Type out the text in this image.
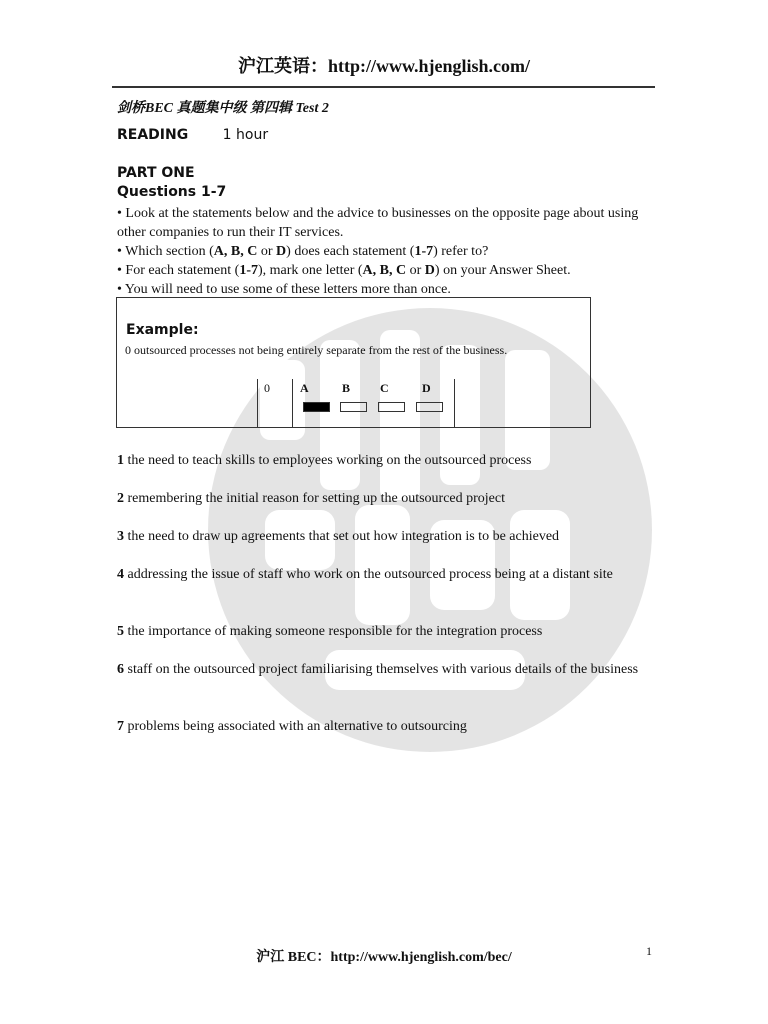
沪江英语：http://www.hjenglish.com/
剑桥BEC 真题集中级 第四辑 Test 2
READING 1 hour
PART ONE
Questions 1-7
• Look at the statements below and the advice to businesses on the opposite page about using other companies to run their IT services.
• Which section (A, B, C or D) does each statement (1-7) refer to?
• For each statement (1-7), mark one letter (A, B, C or D) on your Answer Sheet.
• You will need to use some of these letters more than once.
Example:
0 outsourced processes not being entirely separate from the rest of the business.
0	A	B C	D
1 the need to teach skills to employees working on the outsourced process
2 remembering the initial reason for setting up the outsourced project
3 the need to draw up agreements that set out how integration is to be achieved
4 addressing the issue of staff who work on the outsourced process being at a distant site
5 the importance of making someone responsible for the integration process
6 staff on the outsourced project familiarising themselves with various details of the business
7 problems being associated with an alternative to outsourcing
沪江 BEC：http://www.hjenglish.com/bec/	1
